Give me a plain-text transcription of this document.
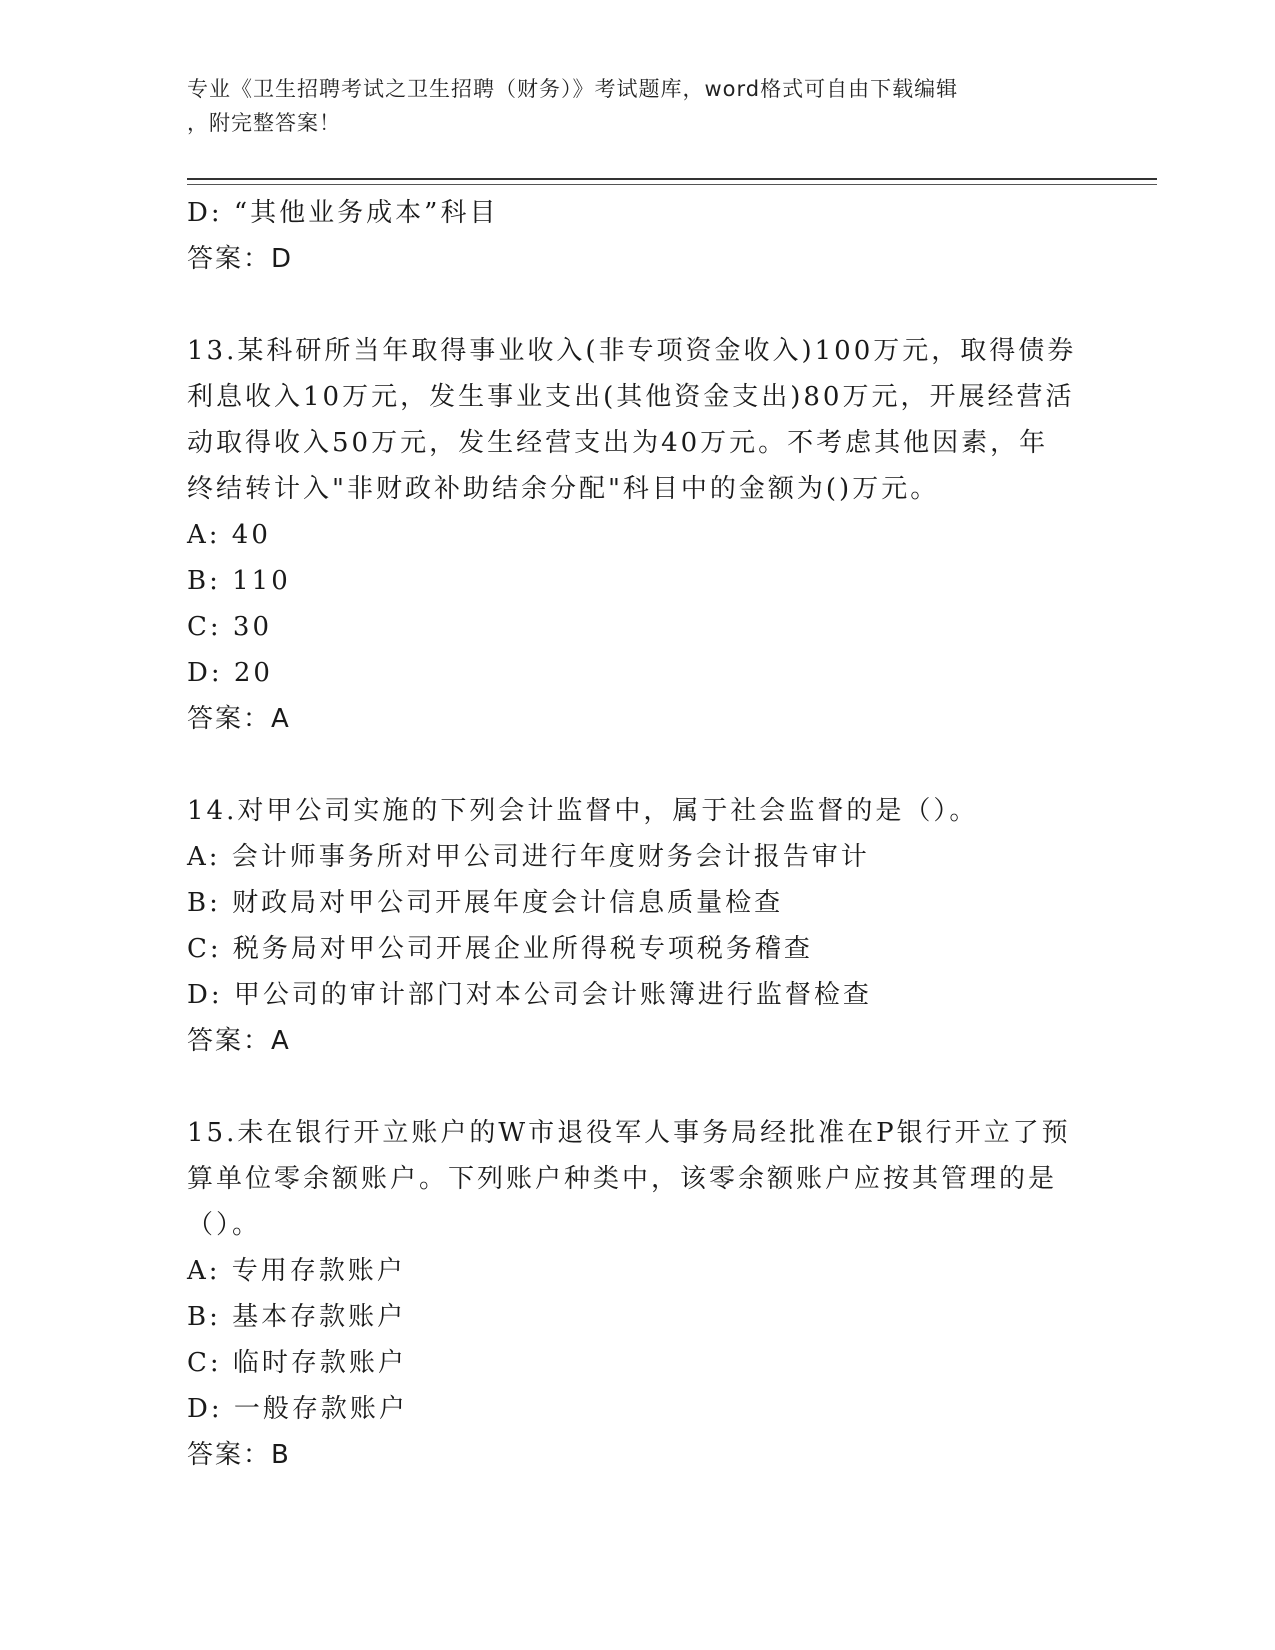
专业《卫生招聘考试之卫生招聘（财务）》考试题库，word格式可自由下载编辑
，附完整答案！
D: “其他业务成本”科目
答案：D
13.某科研所当年取得事业收入(非专项资金收入)100万元，取得债券
利息收入10万元，发生事业支出(其他资金支出)80万元，开展经营活
动取得收入50万元，发生经营支出为40万元。不考虑其他因素，年
终结转计入"非财政补助结余分配"科目中的金额为()万元。
A: 40
B: 110
C: 30
D: 20
答案：A
14.对甲公司实施的下列会计监督中，属于社会监督的是（）。
A: 会计师事务所对甲公司进行年度财务会计报告审计
B: 财政局对甲公司开展年度会计信息质量检查
C: 税务局对甲公司开展企业所得税专项税务稽查
D: 甲公司的审计部门对本公司会计账簿进行监督检查
答案：A
15.未在银行开立账户的W市退役军人事务局经批准在P银行开立了预
算单位零余额账户。下列账户种类中，该零余额账户应按其管理的是
（）。
A: 专用存款账户
B: 基本存款账户
C: 临时存款账户
D: 一般存款账户
答案：B
